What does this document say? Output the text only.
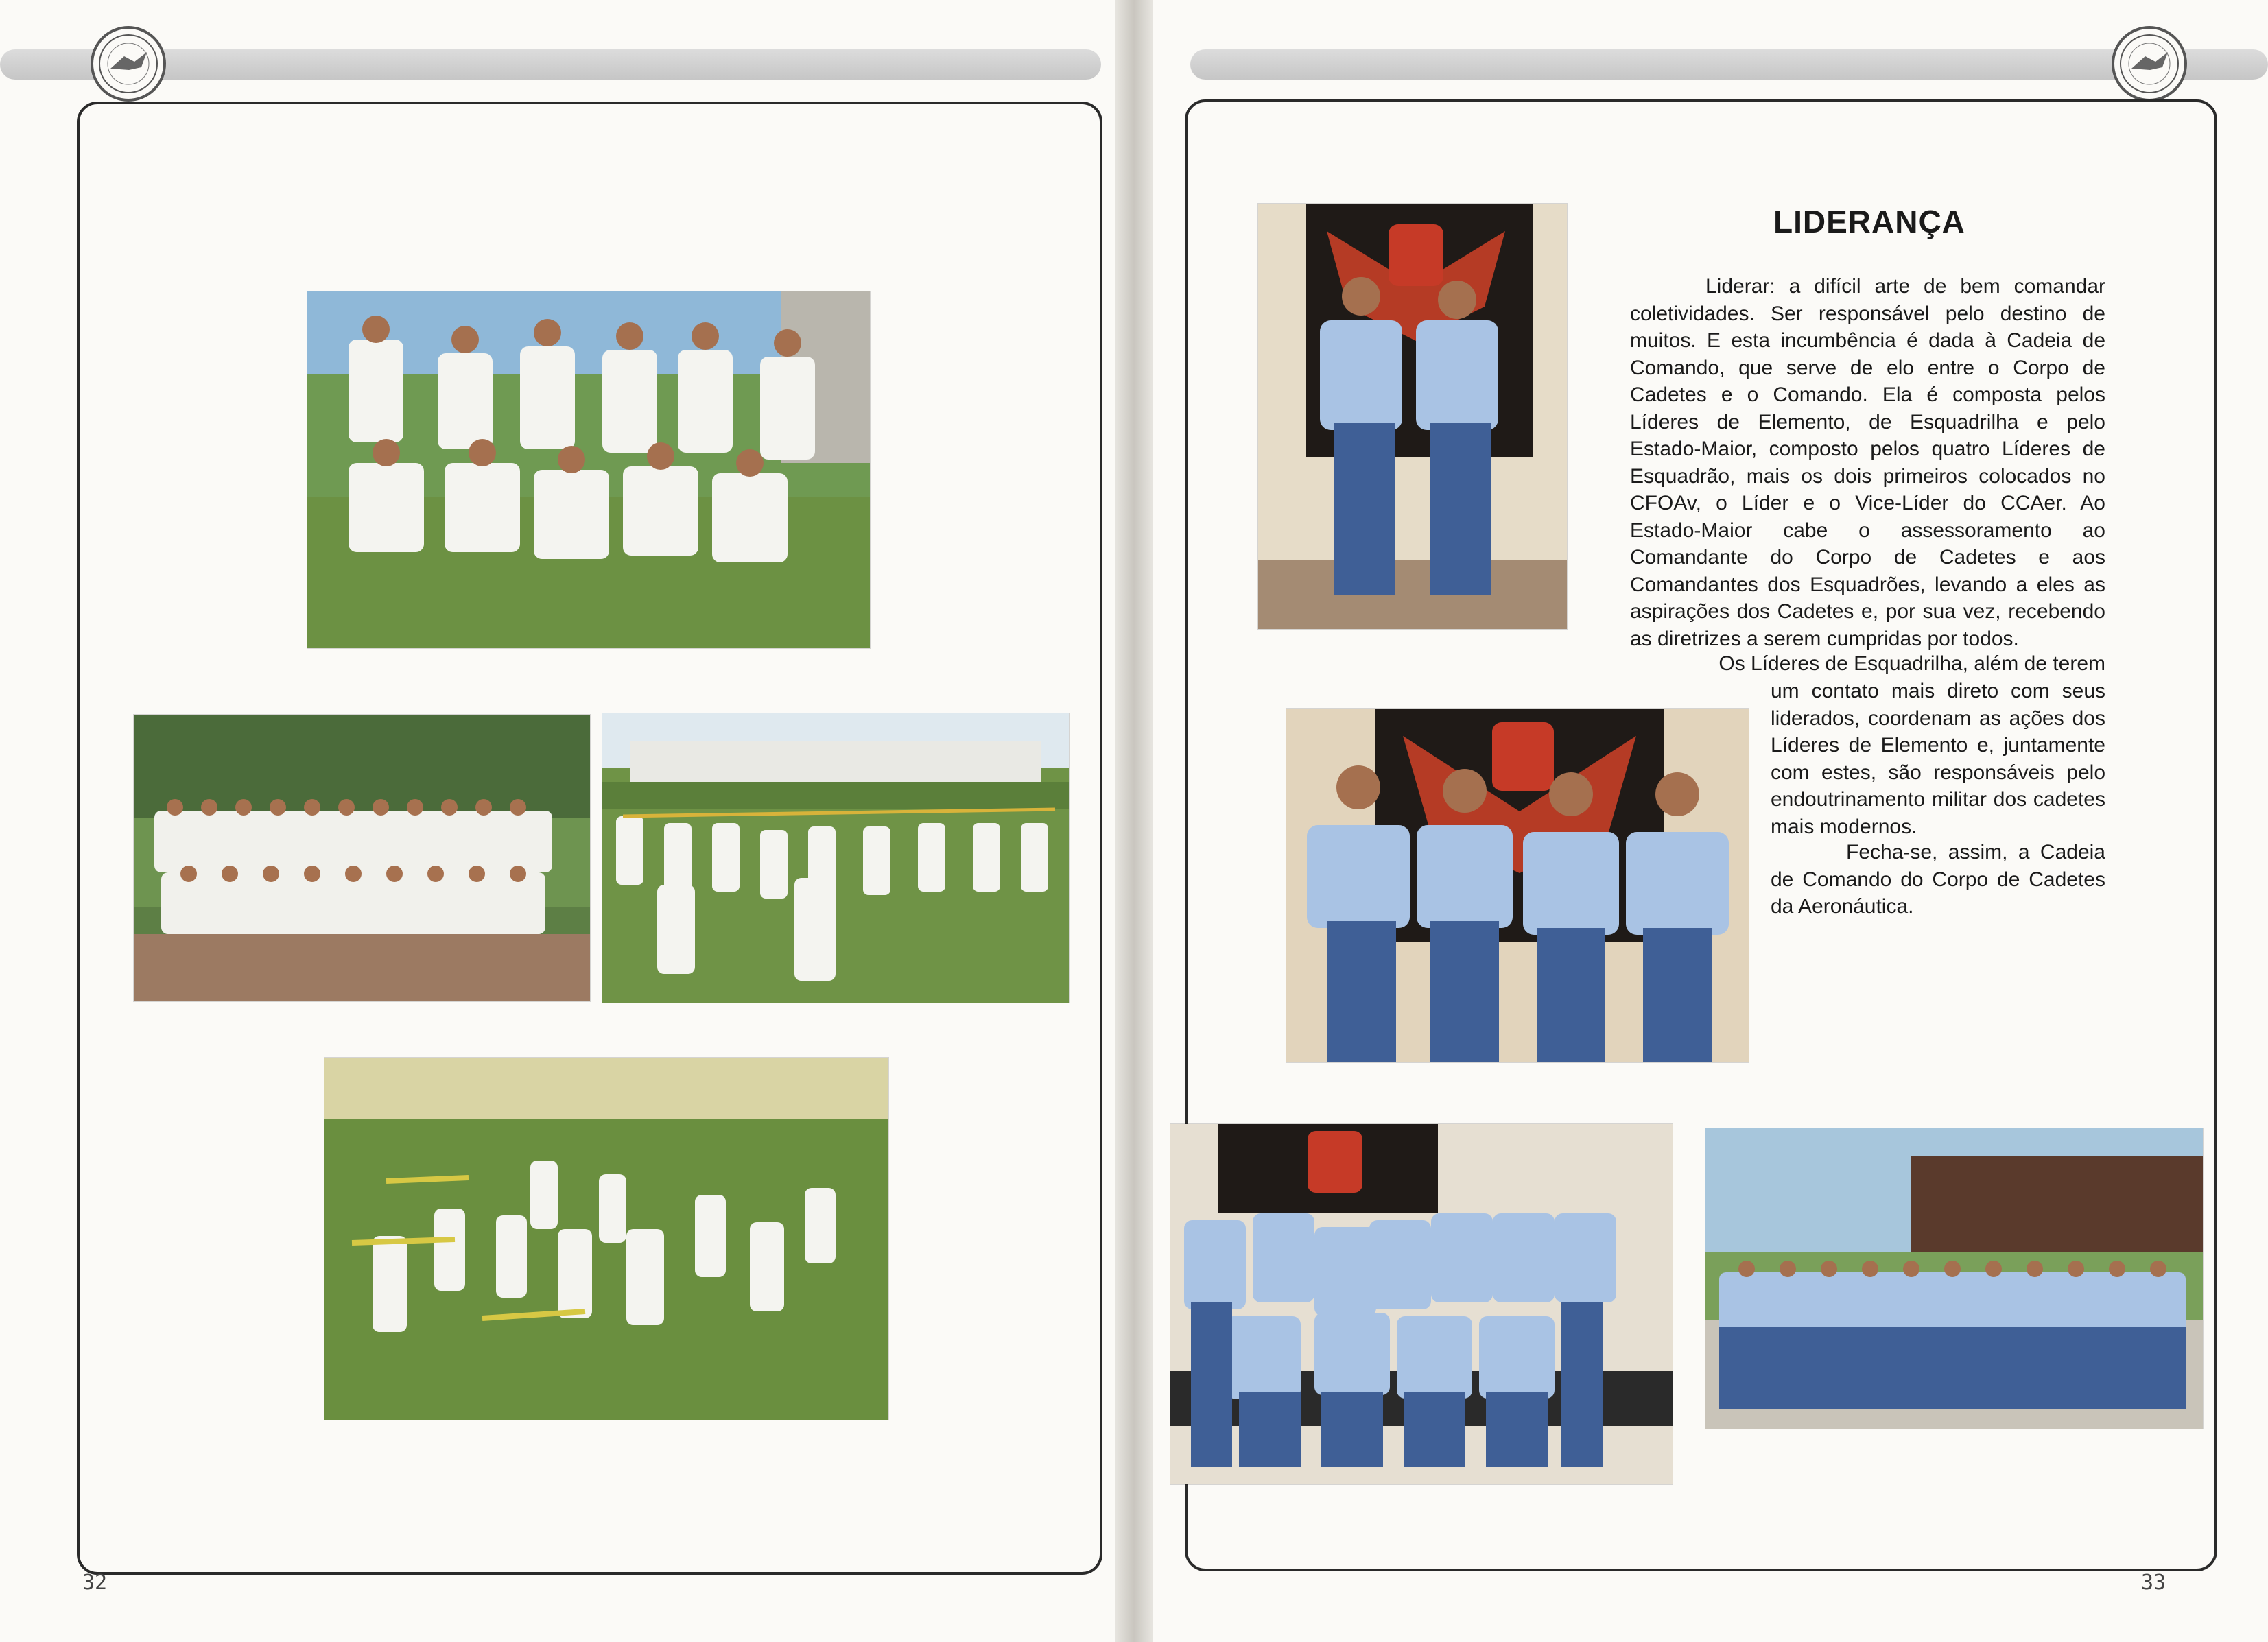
32
LIDERANÇA

Liderar: a difícil arte de bem comandar coletividades. Ser responsável pelo destino de muitos. E esta incumbência é dada à Cadeia de Comando, que serve de elo entre o Corpo de Cadetes e o Comando. Ela é composta pelos Líderes de Elemento, de Esquadrilha e pelo Estado-Maior, composto pelos quatro Líderes de Esquadrão, mais os dois primeiros colocados no CFOAv, o Líder e o Vice-Líder do CCAer. Ao Estado-Maior cabe o assessoramento ao Comandante do Corpo de Cadetes e aos Comandantes dos Esquadrões, levando a eles as aspirações dos Cadetes e, por sua vez, recebendo as diretrizes a serem cumpridas por todos.

Os Líderes de Esquadrilha, além de terem
um contato mais direto com seus liderados, coordenam as ações dos Líderes de Elemento e, juntamente com estes, são responsáveis pelo endoutrinamento militar dos cadetes mais modernos.

Fecha-se, assim, a Cadeia de Comando do Corpo de Cadetes da Aeronáutica.

33
